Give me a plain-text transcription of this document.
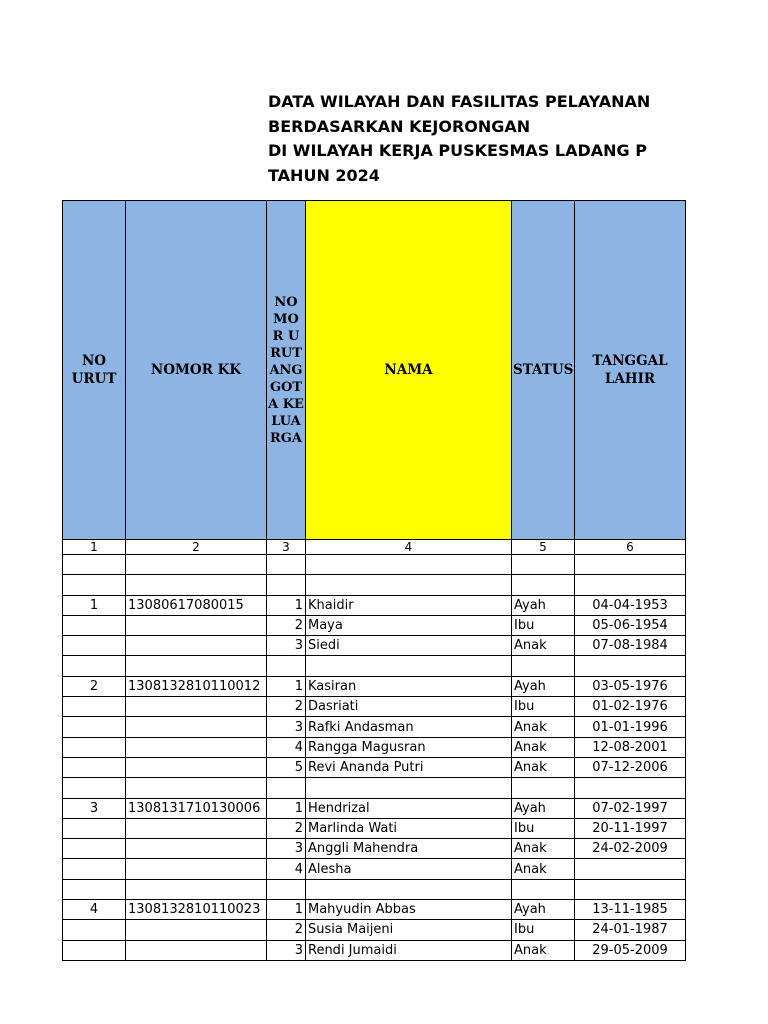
DATA WILAYAH DAN FASILITAS PELAYANAN
BERDASARKAN KEJORONGAN
DI WILAYAH KERJA PUSKESMAS LADANG P
TAHUN 2024
NO URUT	NOMOR KK	NOMOR URUT ANGGOTA KELUARGA	NAMA	STATUS	TANGGAL LAHIR
1	2	3	4	5	6

1	13080617080015	1	Khaidir	Ayah	04-04-1953
		2	Maya	Ibu	05-06-1954
		3	Siedi	Anak	07-08-1984

2	1308132810110012	1	Kasiran	Ayah	03-05-1976
		2	Dasriati	Ibu	01-02-1976
		3	Rafki Andasman	Anak	01-01-1996
		4	Rangga Magusran	Anak	12-08-2001
		5	Revi Ananda Putri	Anak	07-12-2006

3	1308131710130006	1	Hendrizal	Ayah	07-02-1997
		2	Marlinda Wati	Ibu	20-11-1997
		3	Anggli Mahendra	Anak	24-02-2009
		4	Alesha	Anak	

4	1308132810110023	1	Mahyudin Abbas	Ayah	13-11-1985
		2	Susia Maijeni	Ibu	24-01-1987
		3	Rendi Jumaidi	Anak	29-05-2009
